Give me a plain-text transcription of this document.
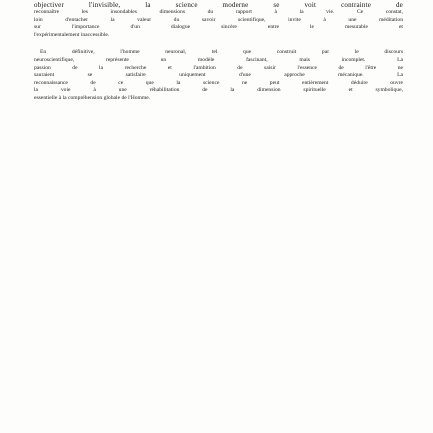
objectiver l'invisible, la science moderne se voit contrainte de
reconnaître les insondables dimensions du rapport à la vie. Ce constat,
loin d'entacher la valeur du savoir scientifique, invite à une méditation
sur l'importance d'un dialogue sincère entre le mesurable et
l'expérimentalement inaccessible.

En définitive, l'homme neuronal, tel que construit par le discours
neuroscientifique, représente un modèle fascinant, mais incomplet. La
passion de la recherche et l'ambition de saisir l'essence de l'être ne
sauraient se satisfaire uniquement d'une approche mécanique. La
reconnaissance de ce que la science ne peut entièrement déduire ouvre
la voie à une réhabilitation de la dimension spirituelle et symbolique,
essentielle à la compréhension globale de l'Homme.
